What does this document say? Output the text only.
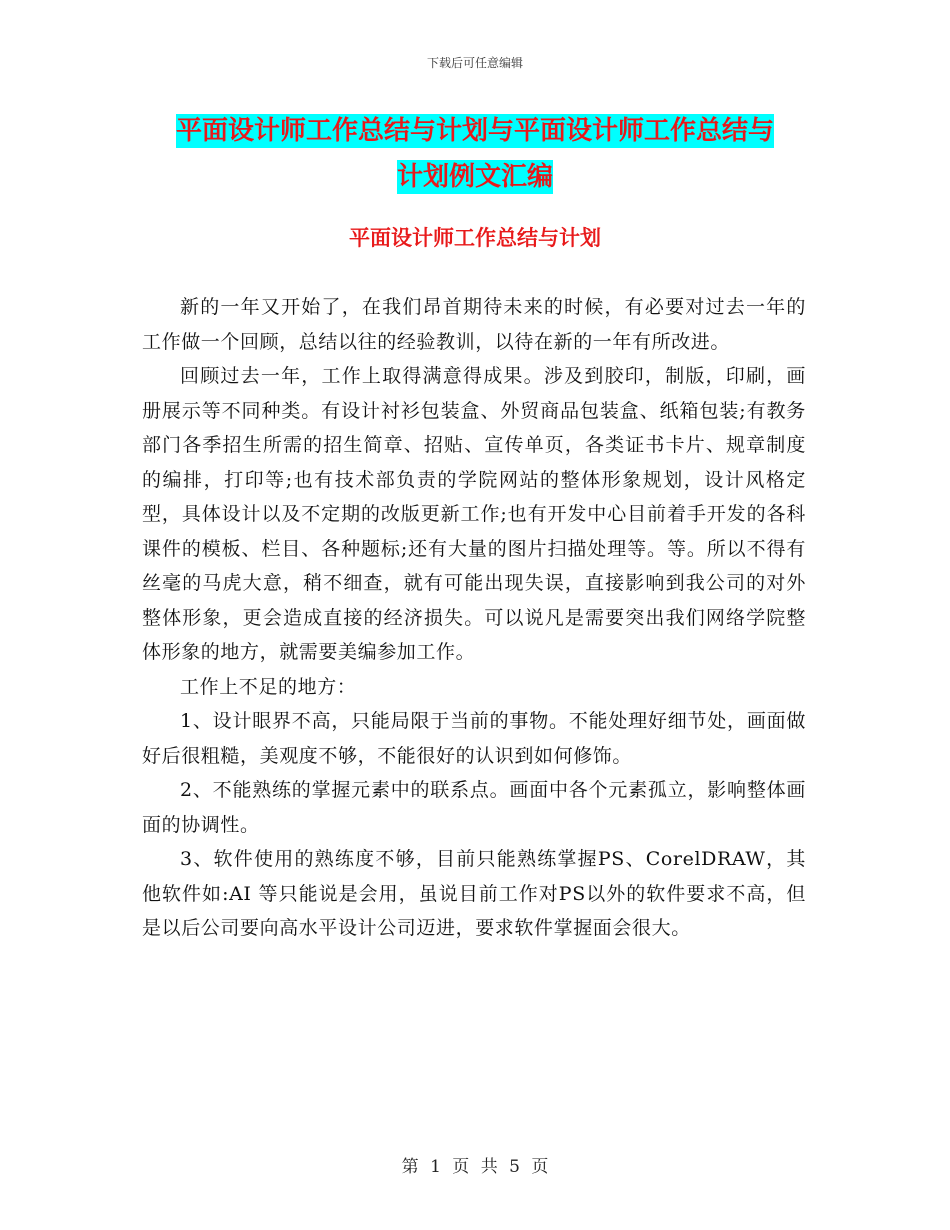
下载后可任意编辑
平面设计师工作总结与计划与平面设计师工作总结与
计划例文汇编
平面设计师工作总结与计划

新的一年又开始了，在我们昂首期待未来的时候，有必要对过去一年的工作做一个回顾，总结以往的经验教训，以待在新的一年有所改进。

回顾过去一年，工作上取得满意得成果。涉及到胶印，制版，印刷，画册展示等不同种类。有设计衬衫包装盒、外贸商品包装盒、纸箱包装;有教务部门各季招生所需的招生简章、招贴、宣传单页，各类证书卡片、规章制度的编排，打印等;也有技术部负责的学院网站的整体形象规划，设计风格定型，具体设计以及不定期的改版更新工作;也有开发中心目前着手开发的各科课件的模板、栏目、各种题标;还有大量的图片扫描处理等。等。所以不得有丝毫的马虎大意，稍不细查，就有可能出现失误，直接影响到我公司的对外整体形象，更会造成直接的经济损失。可以说凡是需要突出我们网络学院整体形象的地方，就需要美编参加工作。

工作上不足的地方：

1、设计眼界不高，只能局限于当前的事物。不能处理好细节处，画面做好后很粗糙，美观度不够，不能很好的认识到如何修饰。

2、不能熟练的掌握元素中的联系点。画面中各个元素孤立，影响整体画面的协调性。

3、软件使用的熟练度不够，目前只能熟练掌握PS、CorelDRAW，其他软件如:AI 等只能说是会用，虽说目前工作对PS以外的软件要求不高，但是以后公司要向高水平设计公司迈进，要求软件掌握面会很大。

第 1 页 共 5 页
